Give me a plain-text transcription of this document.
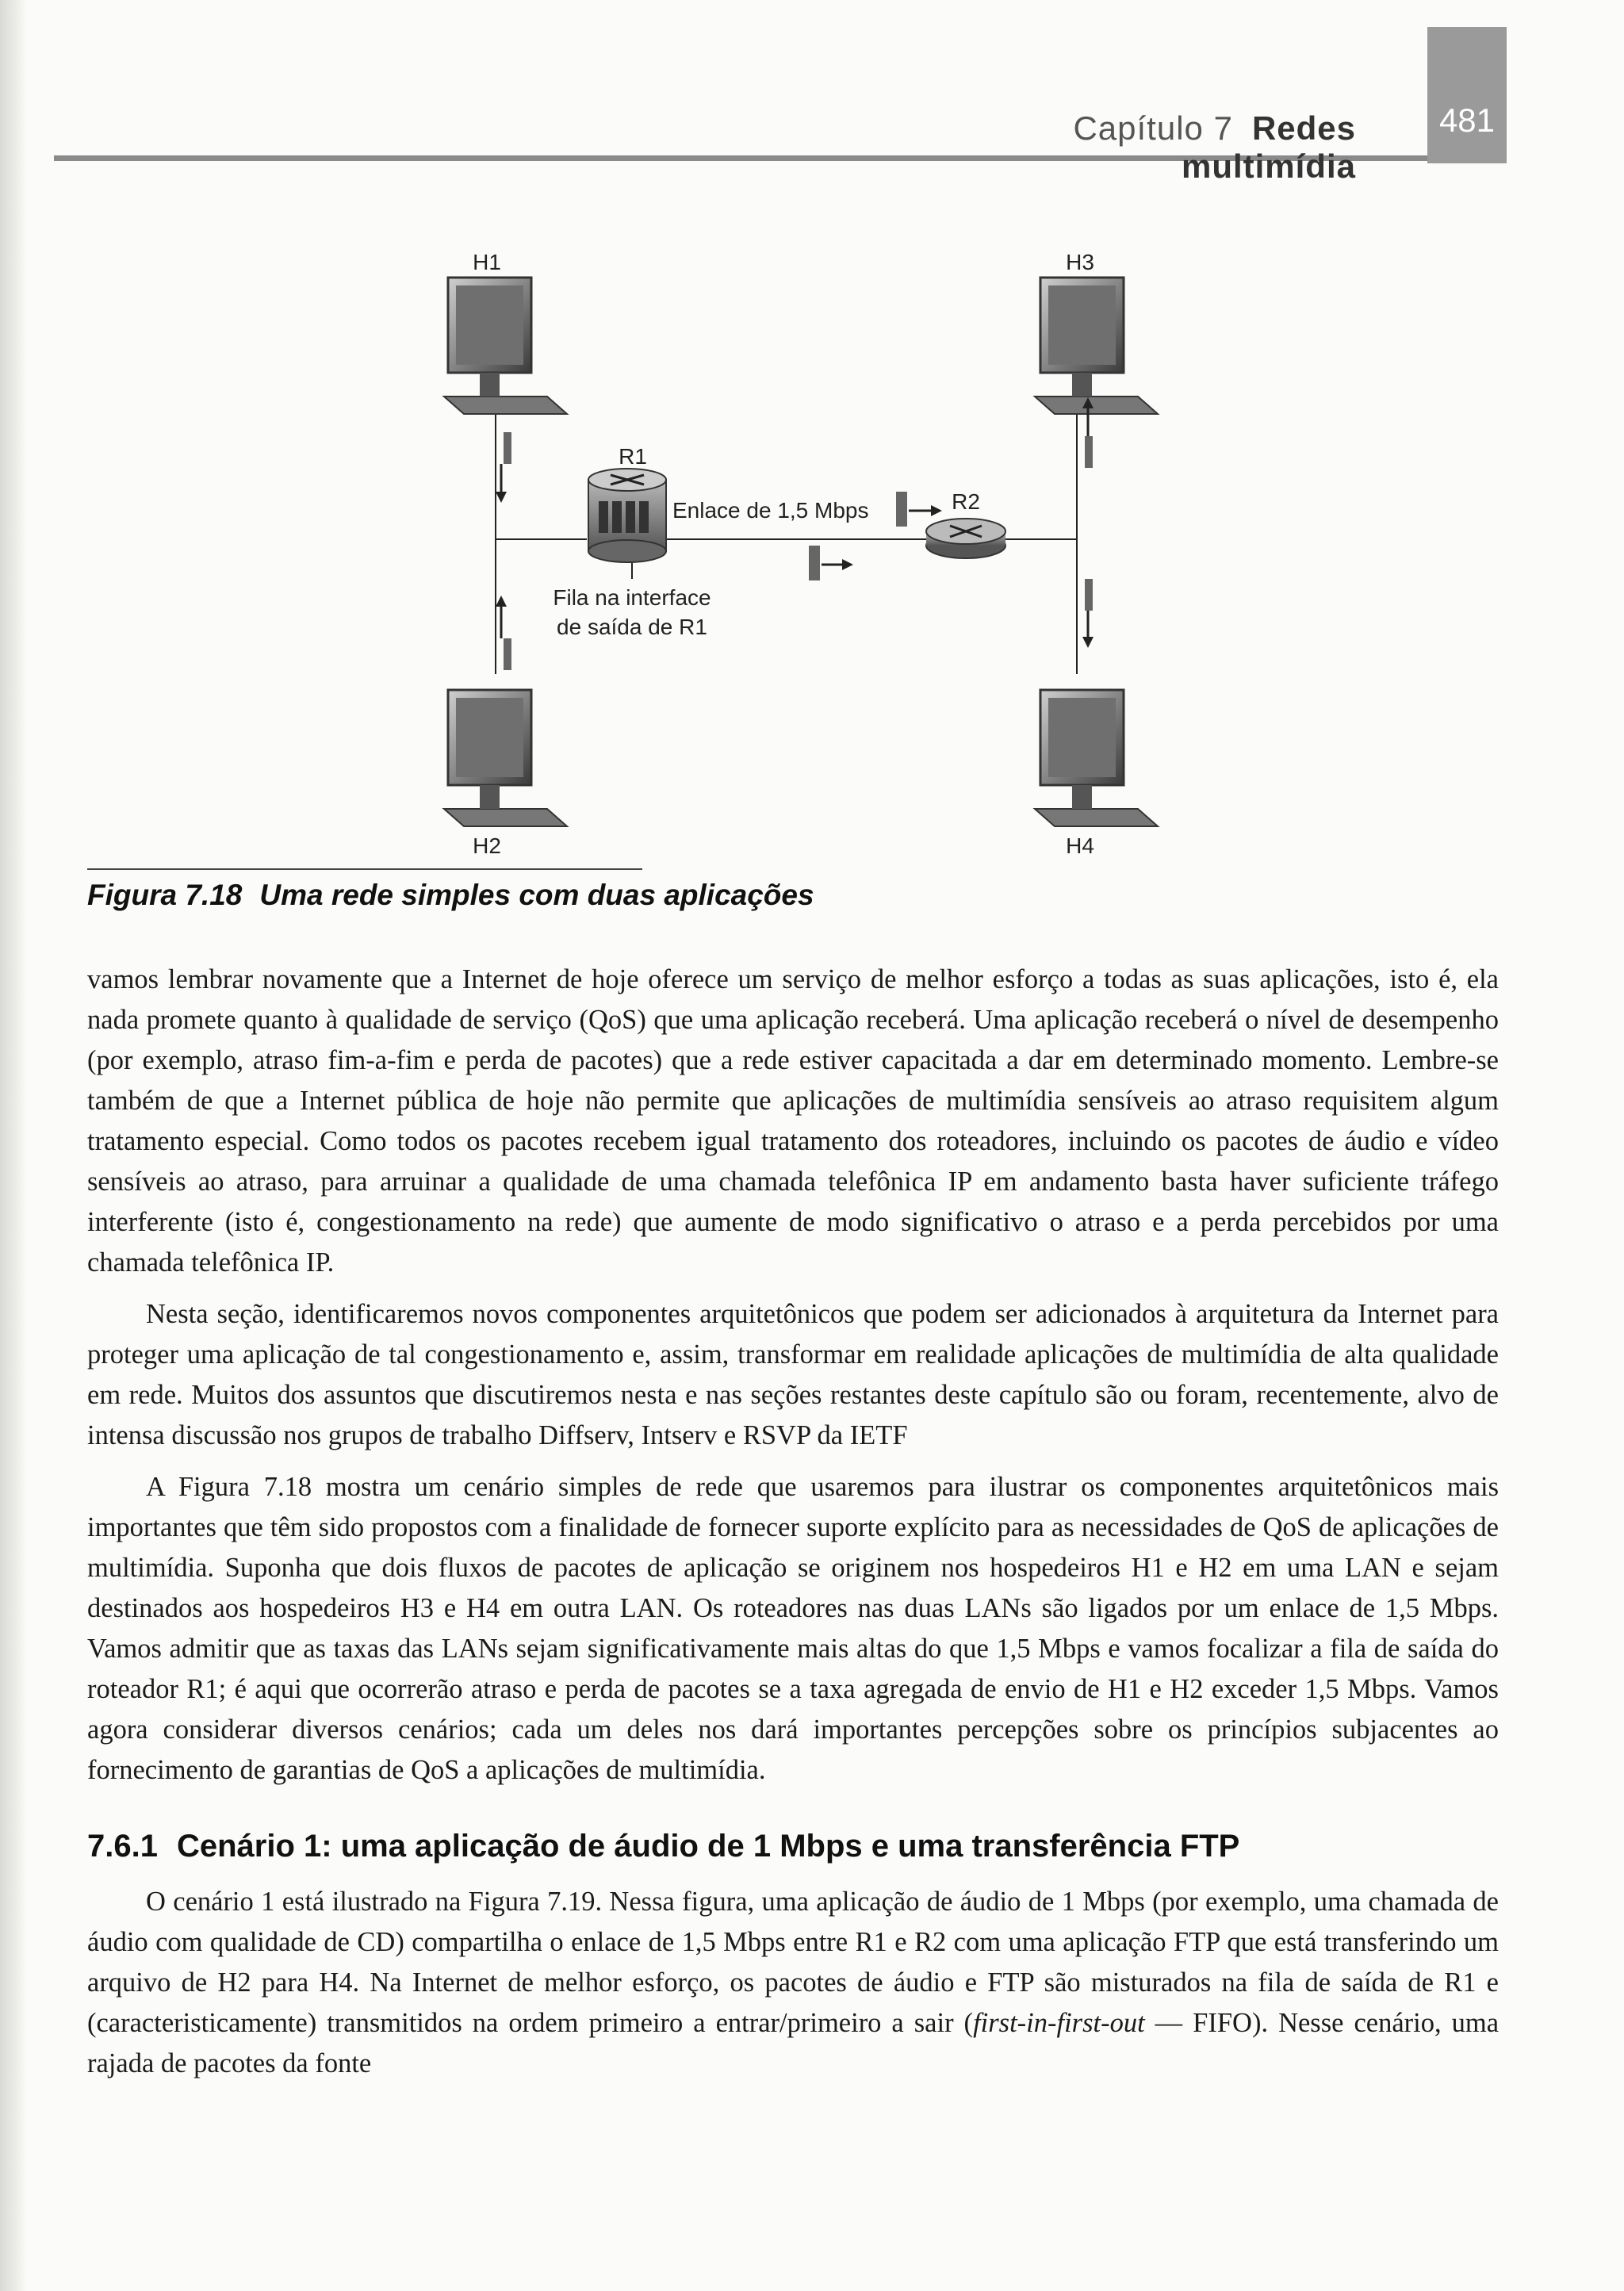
Capítulo 7 Redes multimídia
481
H1
H2
H3
H4
R1
R2
Enlace de 1,5 Mbps
Fila na interface
de saída de R1
Figura 7.18 Uma rede simples com duas aplicações

vamos lembrar novamente que a Internet de hoje oferece um serviço de melhor esforço a todas as suas aplicações, isto é, ela nada promete quanto à qualidade de serviço (QoS) que uma aplicação receberá. Uma aplicação receberá o nível de desempenho (por exemplo, atraso fim-a-fim e perda de pacotes) que a rede estiver capacitada a dar em determinado momento. Lembre-se também de que a Internet pública de hoje não permite que aplicações de multimídia sensíveis ao atraso requisitem algum tratamento especial. Como todos os pacotes recebem igual tratamento dos roteadores, incluindo os pacotes de áudio e vídeo sensíveis ao atraso, para arruinar a qualidade de uma chamada telefônica IP em andamento basta haver suficiente tráfego interferente (isto é, congestionamento na rede) que aumente de modo significativo o atraso e a perda percebidos por uma chamada telefônica IP.

Nesta seção, identificaremos novos componentes arquitetônicos que podem ser adicionados à arquitetura da Internet para proteger uma aplicação de tal congestionamento e, assim, transformar em realidade aplicações de multimídia de alta qualidade em rede. Muitos dos assuntos que discutiremos nesta e nas seções restantes deste capítulo são ou foram, recentemente, alvo de intensa discussão nos grupos de trabalho Diffserv, Intserv e RSVP da IETF

A Figura 7.18 mostra um cenário simples de rede que usaremos para ilustrar os componentes arquitetônicos mais importantes que têm sido propostos com a finalidade de fornecer suporte explícito para as necessidades de QoS de aplicações de multimídia. Suponha que dois fluxos de pacotes de aplicação se originem nos hospedeiros H1 e H2 em uma LAN e sejam destinados aos hospedeiros H3 e H4 em outra LAN. Os roteadores nas duas LANs são ligados por um enlace de 1,5 Mbps. Vamos admitir que as taxas das LANs sejam significativamente mais altas do que 1,5 Mbps e vamos focalizar a fila de saída do roteador R1; é aqui que ocorrerão atraso e perda de pacotes se a taxa agregada de envio de H1 e H2 exceder 1,5 Mbps. Vamos agora considerar diversos cenários; cada um deles nos dará importantes percepções sobre os princípios subjacentes ao fornecimento de garantias de QoS a aplicações de multimídia.

7.6.1 Cenário 1: uma aplicação de áudio de 1 Mbps e uma transferência FTP

O cenário 1 está ilustrado na Figura 7.19. Nessa figura, uma aplicação de áudio de 1 Mbps (por exemplo, uma chamada de áudio com qualidade de CD) compartilha o enlace de 1,5 Mbps entre R1 e R2 com uma aplicação FTP que está transferindo um arquivo de H2 para H4. Na Internet de melhor esforço, os pacotes de áudio e FTP são misturados na fila de saída de R1 e (caracteristicamente) transmitidos na ordem primeiro a entrar/primeiro a sair (first-in-first-out — FIFO). Nesse cenário, uma rajada de pacotes da fonte
